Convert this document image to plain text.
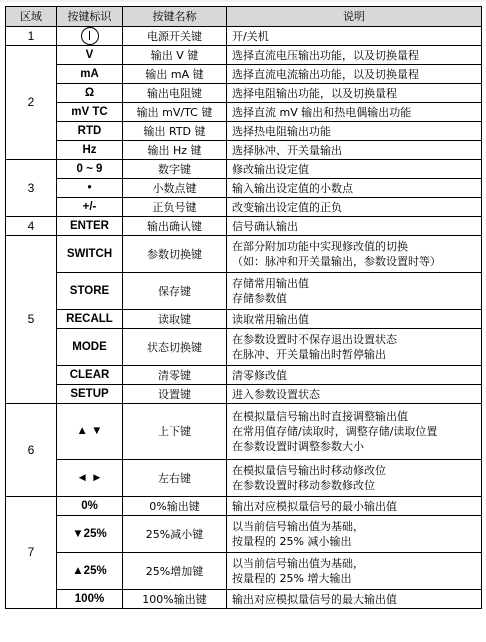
区域	按键标识	按键名称	说明
1		电源开关键	开/关机

2	V	输出 V 键	选择直流电压输出功能，以及切换量程

	mA	输出 mA 键	选择直流电流输出功能，以及切换量程

	Ω	输出电阻键	选择电阻输出功能，以及切换量程

	mV TC	输出 mV/TC 键	选择直流 mV 输出和热电偶输出功能

	RTD	输出 RTD 键	选择热电阻输出功能

	Hz	输出 Hz 键	选择脉冲、开关量输出

3	0 ~ 9	数字键	修改输出设定值

	•	小数点键	输入输出设定值的小数点

	+/-	正负号键	改变输出设定值的正负

4	ENTER	输出确认键	信号确认输出

5	SWITCH	参数切换键	在部分附加功能中实现修改值的切换
（如：脉冲和开关量输出，参数设置时等）

	STORE	保存键	存储常用输出值
存储参数值

	RECALL	读取键	读取常用输出值

	MODE	状态切换键	在参数设置时不保存退出设置状态
在脉冲、开关量输出时暂停输出

	CLEAR	清零键	清零修改值

	SETUP	设置键	进入参数设置状态

6	▲ ▼	上下键	在模拟量信号输出时直接调整输出值
在常用值存储/读取时，调整存储/读取位置
在参数设置时调整参数大小

	◄ ►	左右键	在模拟量信号输出时移动修改位
在参数设置时移动参数修改位

7	0%	0%输出键	输出对应模拟量信号的最小输出值

	▼25%	25%减小键	以当前信号输出值为基础，
按量程的 25% 减小输出

	▲25%	25%增加键	以当前信号输出值为基础，
按量程的 25% 增大输出

	100%	100%输出键	输出对应模拟量信号的最大输出值
